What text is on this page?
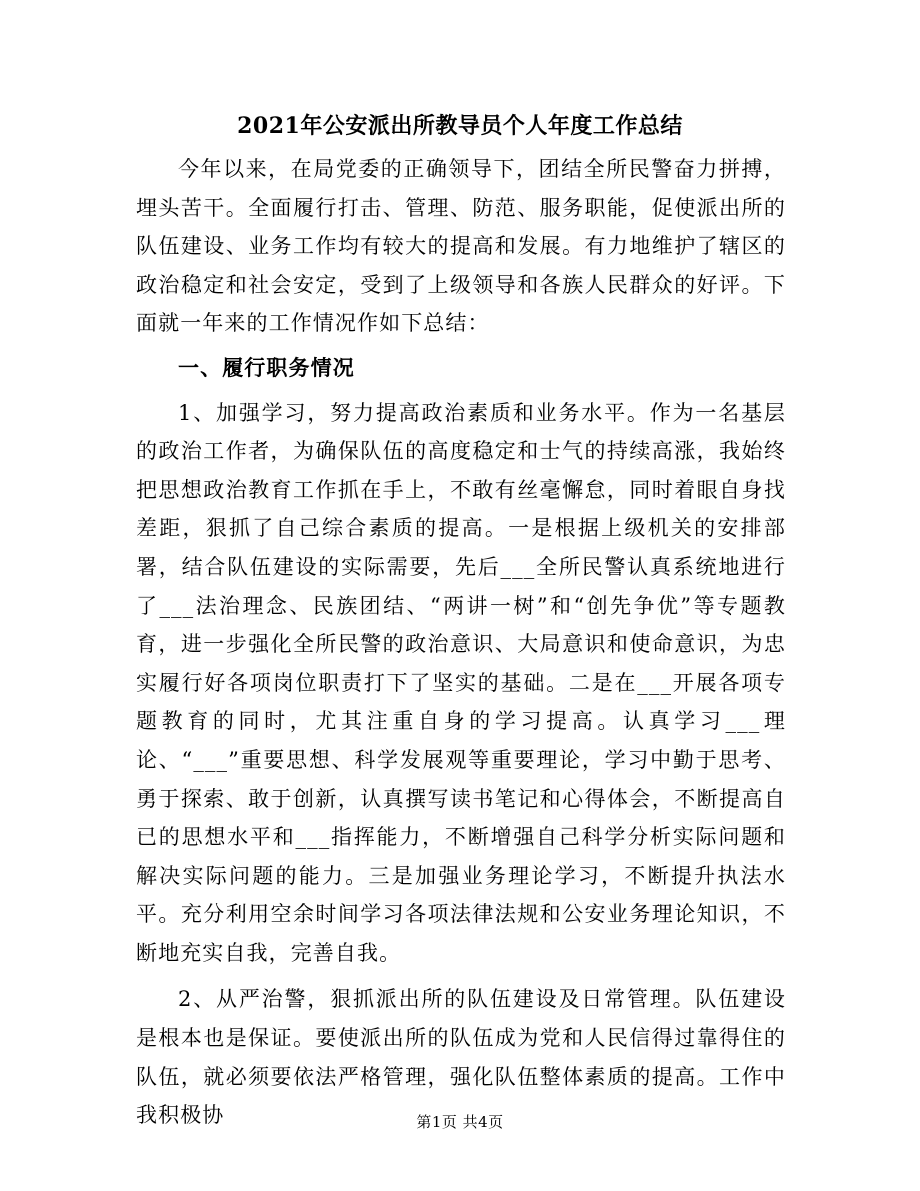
2021年公安派出所教导员个人年度工作总结

今年以来，在局党委的正确领导下，团结全所民警奋力拼搏，埋头苦干。全面履行打击、管理、防范、服务职能，促使派出所的队伍建设、业务工作均有较大的提高和发展。有力地维护了辖区的政治稳定和社会安定，受到了上级领导和各族人民群众的好评。下面就一年来的工作情况作如下总结：

一、履行职务情况

1、加强学习，努力提高政治素质和业务水平。作为一名基层的政治工作者，为确保队伍的高度稳定和士气的持续高涨，我始终把思想政治教育工作抓在手上，不敢有丝毫懈怠，同时着眼自身找差距，狠抓了自己综合素质的提高。一是根据上级机关的安排部署，结合队伍建设的实际需要，先后___全所民警认真系统地进行了___法治理念、民族团结、“两讲一树”和“创先争优”等专题教育，进一步强化全所民警的政治意识、大局意识和使命意识，为忠实履行好各项岗位职责打下了坚实的基础。二是在___开展各项专题教育的同时，尤其注重自身的学习提高。认真学习___理论、“___”重要思想、科学发展观等重要理论，学习中勤于思考、勇于探索、敢于创新，认真撰写读书笔记和心得体会，不断提高自已的思想水平和___指挥能力，不断增强自己科学分析实际问题和解决实际问题的能力。三是加强业务理论学习，不断提升执法水平。充分利用空余时间学习各项法律法规和公安业务理论知识，不断地充实自我，完善自我。

2、从严治警，狠抓派出所的队伍建设及日常管理。队伍建设是根本也是保证。要使派出所的队伍成为党和人民信得过靠得住的队伍，就必须要依法严格管理，强化队伍整体素质的提高。工作中我积极协	第1页 共4页
